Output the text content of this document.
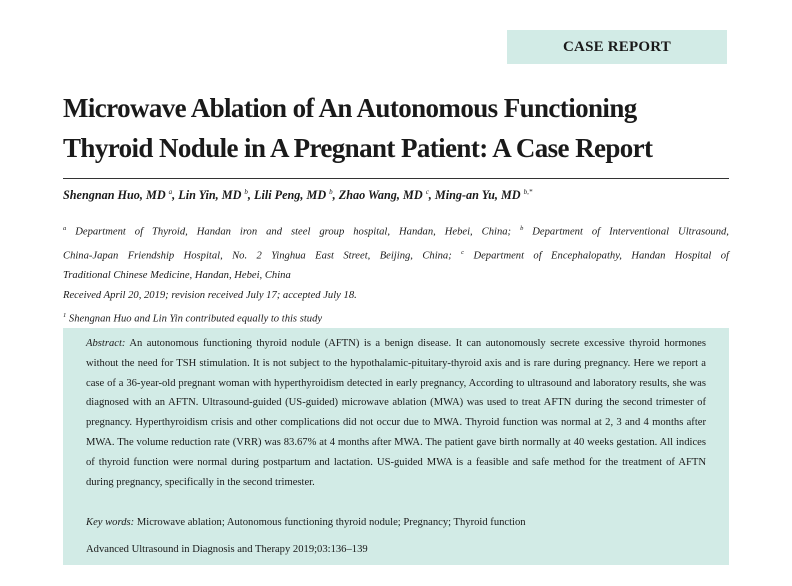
CASE REPORT
Microwave Ablation of An Autonomous Functioning
Thyroid Nodule in A Pregnant Patient: A Case Report
Shengnan Huo, MD $^a$, Lin Yin, MD $^b$, Lili Peng, MD $^b$, Zhao Wang, MD $^c$, Ming-an Yu, MD $^{b,*}$
$^a$ Department of Thyroid, Handan iron and steel group hospital, Handan, Hebei, China; $^b$ Department of Interventional Ultrasound,
China-Japan Friendship Hospital, No. 2 Yinghua East Street, Beijing, China; $^c$ Department of Encephalopathy, Handan Hospital of
Traditional Chinese Medicine, Handan, Hebei, China
Received April 20, 2019; revision received July 17; accepted July 18.
$^1$ Shengnan Huo and Lin Yin contributed equally to this study
Abstract: An autonomous functioning thyroid nodule (AFTN) is a benign disease. It can autonomously secrete excessive thyroid hormones without the need for TSH stimulation. It is not subject to the hypothalamic-pituitary-thyroid axis and is rare during pregnancy. Here we report a case of a 36-year-old pregnant woman with hyperthyroidism detected in early pregnancy, According to ultrasound and laboratory results, she was diagnosed with an AFTN. Ultrasound-guided (US-guided) microwave ablation (MWA) was used to treat AFTN during the second trimester of pregnancy. Hyperthyroidism crisis and other complications did not occur due to MWA. Thyroid function was normal at 2, 3 and 4 months after MWA. The volume reduction rate (VRR) was 83.67% at 4 months after MWA. The patient gave birth normally at 40 weeks gestation. All indices of thyroid function were normal during postpartum and lactation. US-guided MWA is a feasible and safe method for the treatment of AFTN during pregnancy, specifically in the second trimester.
Key words: Microwave ablation; Autonomous functioning thyroid nodule; Pregnancy; Thyroid function
Advanced Ultrasound in Diagnosis and Therapy 2019;03:136–139
